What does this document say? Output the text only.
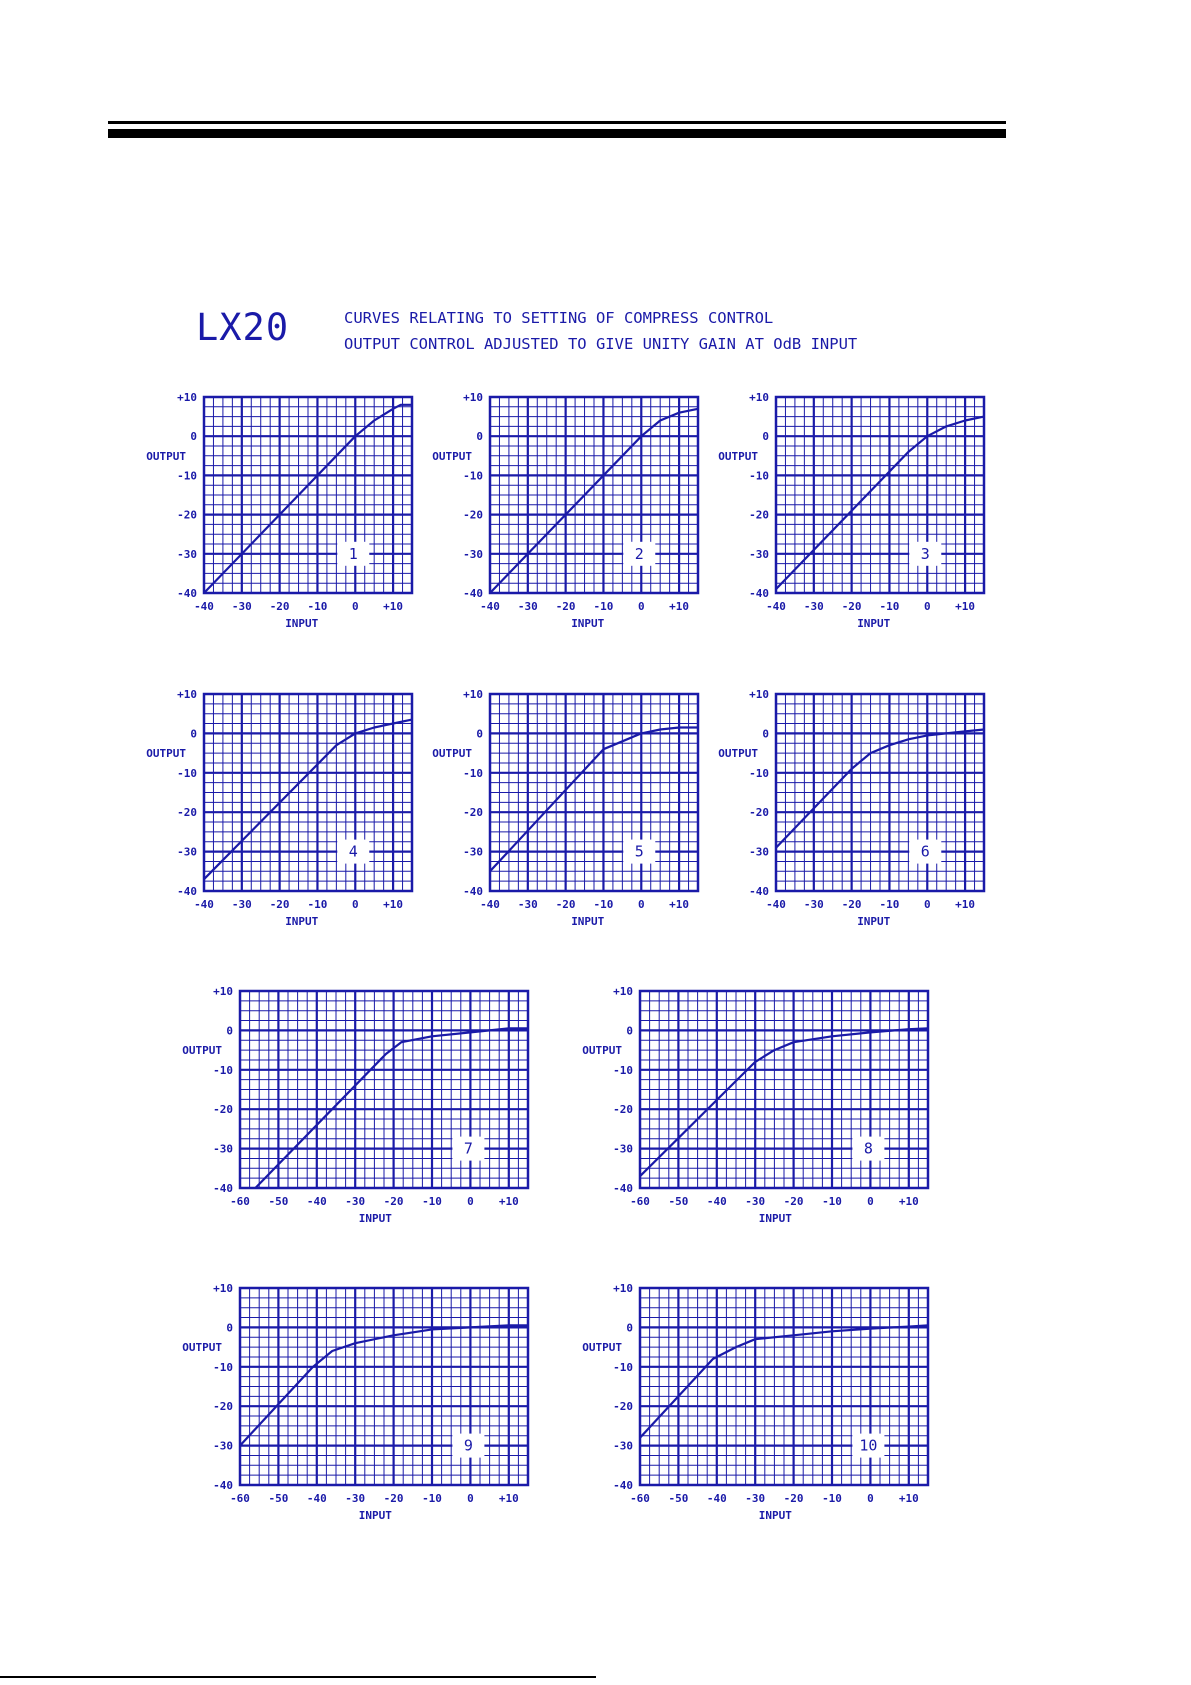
LX20	CURVES RELATING TO SETTING OF COMPRESS CONTROL
OUTPUT CONTROL ADJUSTED TO GIVE UNITY GAIN AT OdB INPUT
1
-40 -30 -20 -10 0 +10
+10
0
-10
-20
-30
-40
INPUT
OUTPUT
2
-40 -30 -20 -10 0 +10
+10
0
-10
-20
-30
-40
INPUT
OUTPUT
3
-40 -30 -20 -10 0 +10
+10
0
-10
-20
-30
-40
INPUT
OUTPUT
4
-40 -30 -20 -10 0 +10
+10
0
-10
-20
-30
-40
INPUT
OUTPUT
5
-40 -30 -20 -10 0 +10
+10
0
-10
-20
-30
-40
INPUT
OUTPUT
6
-40 -30 -20 -10 0 +10
+10
0
-10
-20
-30
-40
INPUT
OUTPUT
7
-60 -50 -40 -30 -20 -10 0 +10
+10
0
-10
-20
-30
-40
INPUT
OUTPUT
8
-60 -50 -40 -30 -20 -10 0 +10
+10
0
-10
-20
-30
-40
INPUT
OUTPUT
9
-60 -50 -40 -30 -20 -10 0 +10
+10
0
-10
-20
-30
-40
INPUT
OUTPUT
10
-60 -50 -40 -30 -20 -10 0 +10
+10
0
-10
-20
-30
-40
INPUT
OUTPUT
